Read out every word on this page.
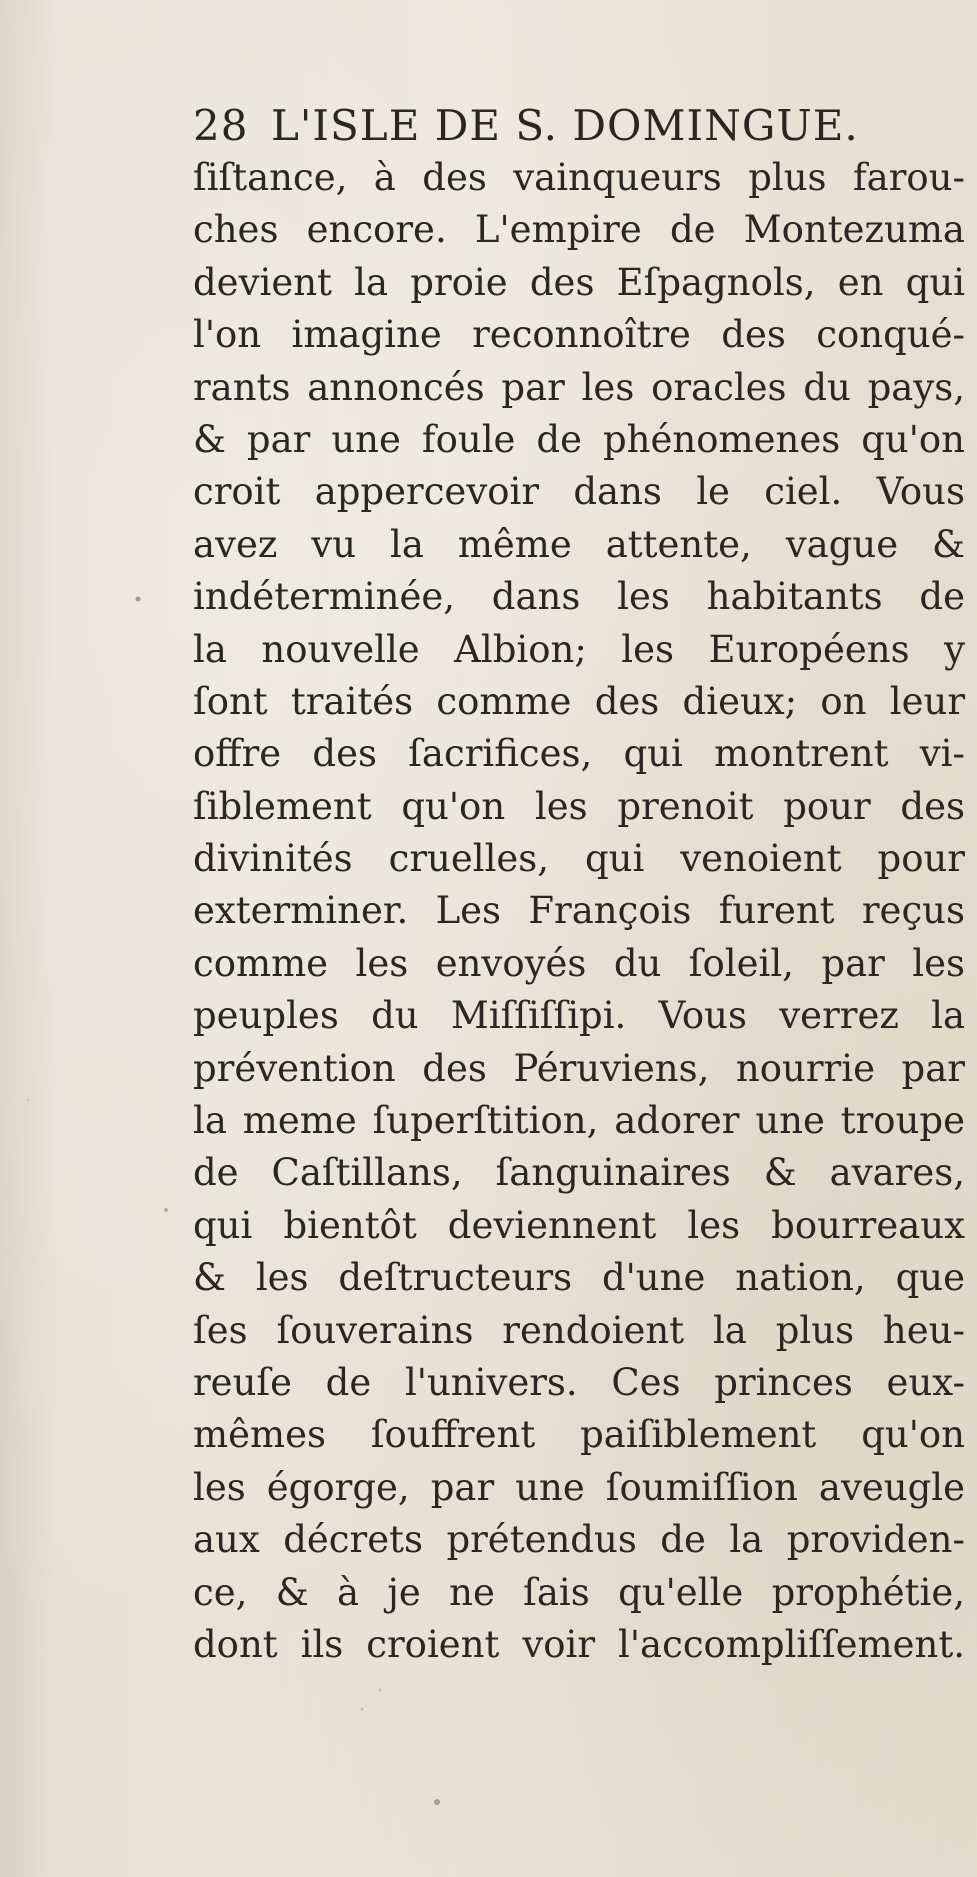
28 L'ISLE DE S. DOMINGUE.
ſiſtance, à des vainqueurs plus farou-
ches encore. L'empire de Montezuma
devient la proie des Eſpagnols, en qui
l'on imagine reconnoître des conqué-
rants annoncés par les oracles du pays,
& par une foule de phénomenes qu'on
croit appercevoir dans le ciel. Vous
avez vu la même attente, vague &
indéterminée, dans les habitants de
la nouvelle Albion; les Européens y
ſont traités comme des dieux; on leur
offre des ſacrifices, qui montrent vi-
ſiblement qu'on les prenoit pour des
divinités cruelles, qui venoient pour
exterminer. Les François furent reçus
comme les envoyés du ſoleil, par les
peuples du Miſſiſſipi. Vous verrez la
prévention des Péruviens, nourrie par
la meme ſuperſtition, adorer une troupe
de Caſtillans, ſanguinaires & avares,
qui bientôt deviennent les bourreaux
& les deſtructeurs d'une nation, que
ſes ſouverains rendoient la plus heu-
reuſe de l'univers. Ces princes eux-
mêmes ſouffrent paiſiblement qu'on
les égorge, par une ſoumiſſion aveugle
aux décrets prétendus de la providen-
ce, & à je ne ſais qu'elle prophétie,
dont ils croient voir l'accompliſſement.
